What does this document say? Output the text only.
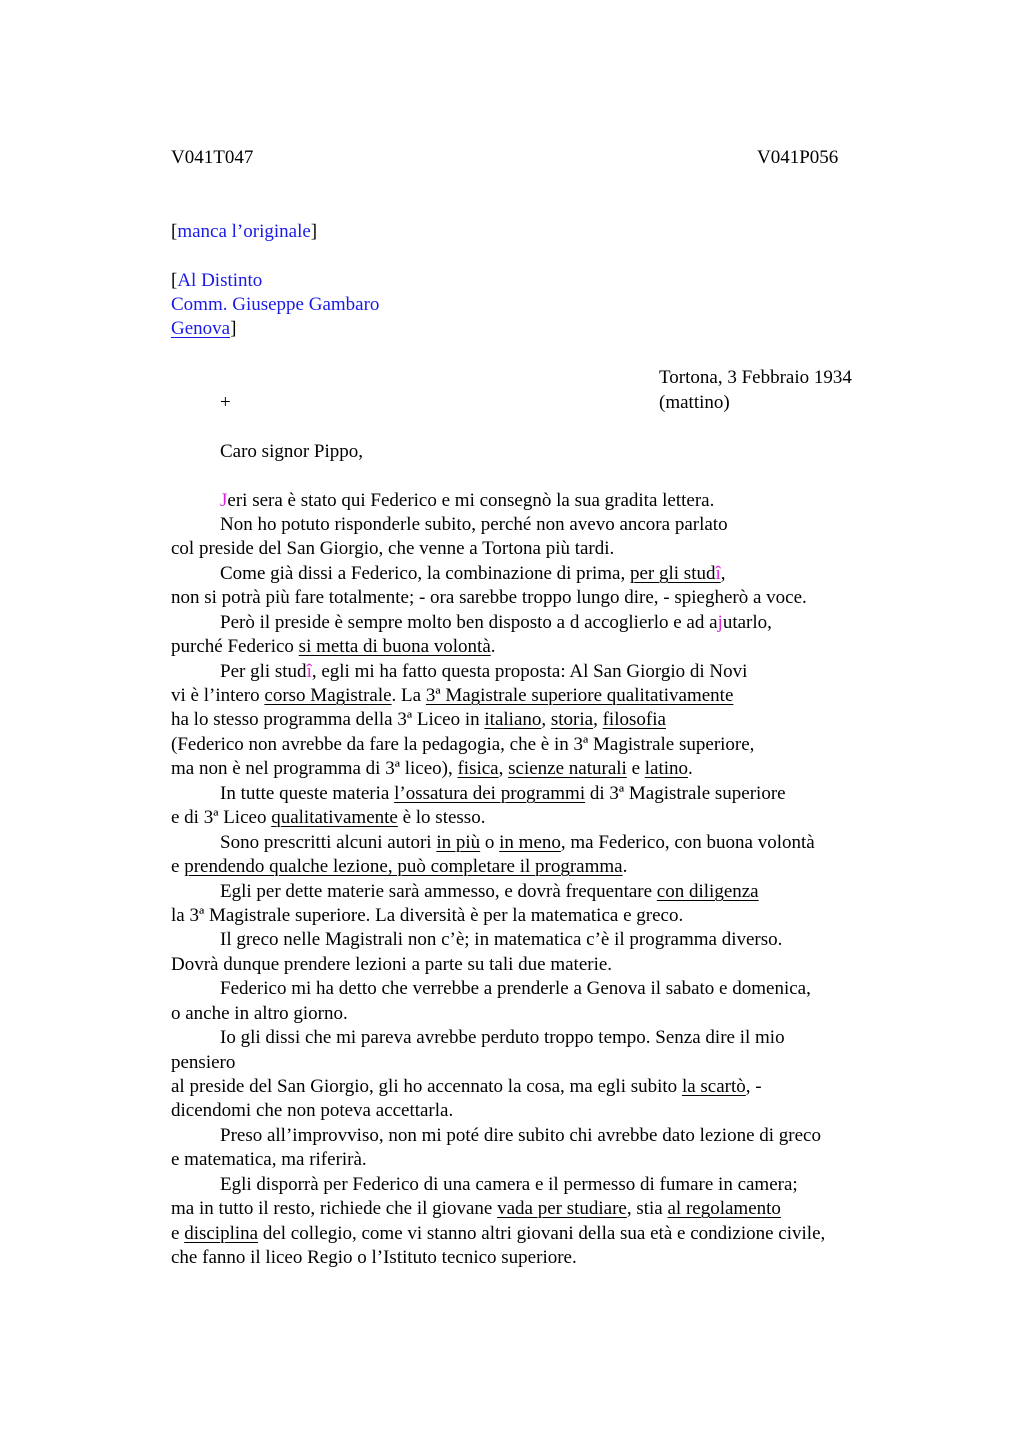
V041T047	V041P056
[manca l’originale]
[Al Distinto
Comm. Giuseppe Gambaro
Genova]
Tortona, 3 Febbraio 1934
(mattino)
+
Caro signor Pippo,
Jeri sera è stato qui Federico e mi consegnò la sua gradita lettera.
Non ho potuto risponderle subito, perché non avevo ancora parlato
col preside del San Giorgio, che venne a Tortona più tardi.
Come già dissi a Federico, la combinazione di prima, per gli studî,
non si potrà più fare totalmente; - ora sarebbe troppo lungo dire, - spiegherò a voce.
Però il preside è sempre molto ben disposto a d accoglierlo e ad ajutarlo,
purché Federico si metta di buona volontà.
Per gli studî, egli mi ha fatto questa proposta: Al San Giorgio di Novi
vi è l’intero corso Magistrale. La 3ª Magistrale superiore qualitativamente
ha lo stesso programma della 3ª Liceo in italiano, storia, filosofia
(Federico non avrebbe da fare la pedagogia, che è in 3ª Magistrale superiore,
ma non è nel programma di 3ª liceo), fisica, scienze naturali e latino.
In tutte queste materia l’ossatura dei programmi di 3ª Magistrale superiore
e di 3ª Liceo qualitativamente è lo stesso.
Sono prescritti alcuni autori in più o in meno, ma Federico, con buona volontà
e prendendo qualche lezione, può completare il programma.
Egli per dette materie sarà ammesso, e dovrà frequentare con diligenza
la 3ª Magistrale superiore. La diversità è per la matematica e greco.
Il greco nelle Magistrali non c’è; in matematica c’è il programma diverso.
Dovrà dunque prendere lezioni a parte su tali due materie.
Federico mi ha detto che verrebbe a prenderle a Genova il sabato e domenica,
o anche in altro giorno.
Io gli dissi che mi pareva avrebbe perduto troppo tempo. Senza dire il mio
pensiero
al preside del San Giorgio, gli ho accennato la cosa, ma egli subito la scartò, -
dicendomi che non poteva accettarla.
Preso all’improvviso, non mi poté dire subito chi avrebbe dato lezione di greco
e matematica, ma riferirà.
Egli disporrà per Federico di una camera e il permesso di fumare in camera;
ma in tutto il resto, richiede che il giovane vada per studiare, stia al regolamento
e disciplina del collegio, come vi stanno altri giovani della sua età e condizione civile,
che fanno il liceo Regio o l’Istituto tecnico superiore.
